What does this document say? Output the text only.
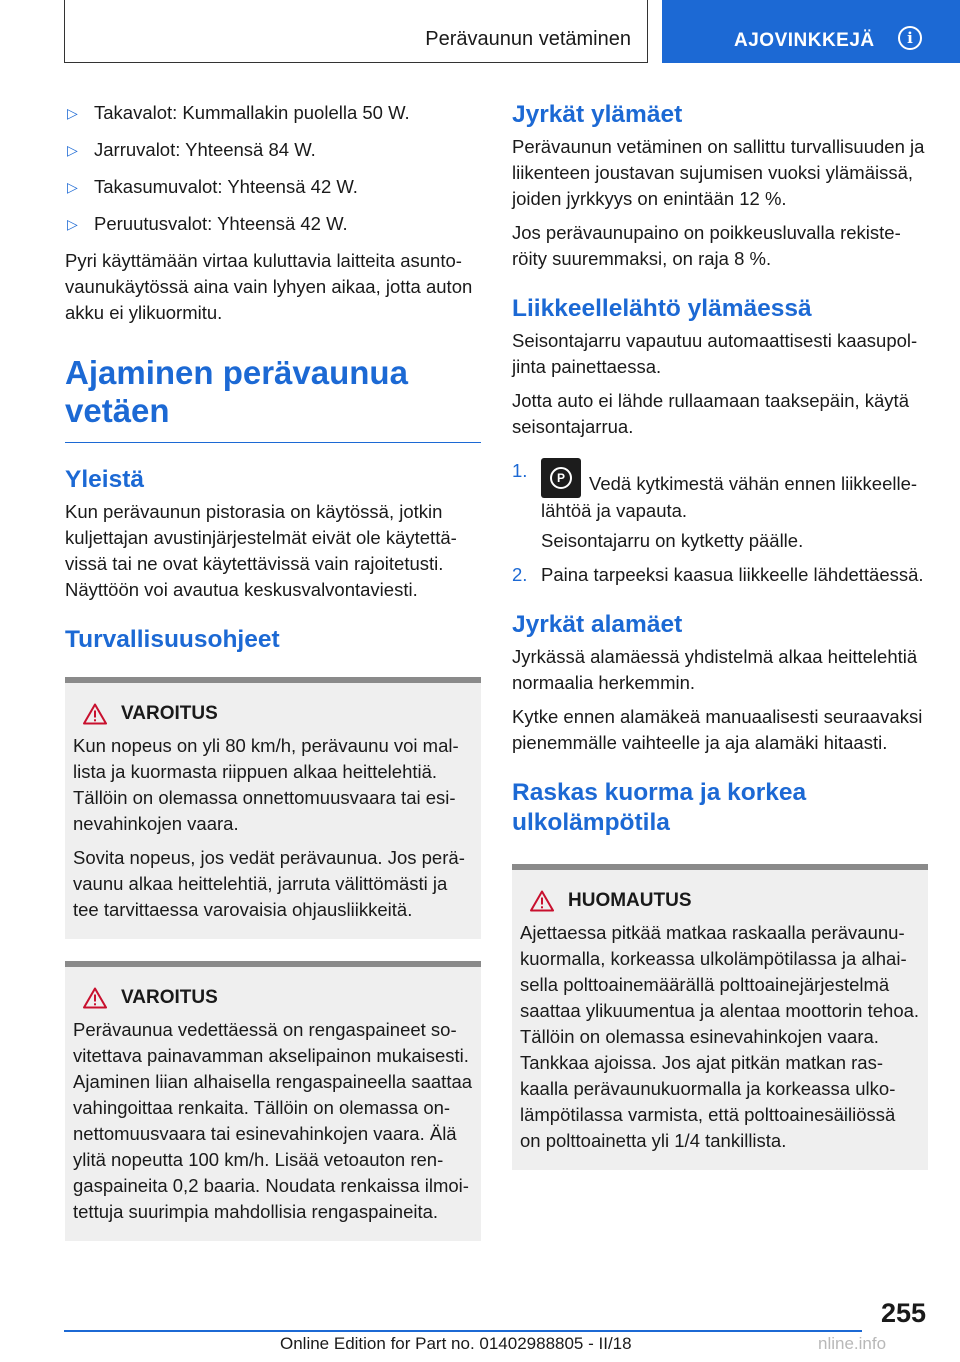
Perävaunun vetäminen	AJOVINKKEJÄ	i
▷ Takavalot: Kummallakin puolella 50 W.
▷ Jarruvalot: Yhteensä 84 W.
▷ Takasumuvalot: Yhteensä 42 W.
▷ Peruutusvalot: Yhteensä 42 W.

Pyri käyttämään virtaa kuluttavia laitteita asuntovaunukäytössä aina vain lyhyen aikaa, jotta auton akku ei ylikuormitu.

Ajaminen perävaunua vetäen
Yleistä

Kun perävaunun pistorasia on käytössä, jotkin kuljettajan avustinjärjestelmät eivät ole käytettävissä tai ne ovat käytettävissä vain rajoitetusti. Näyttöön voi avautua keskusvalvontaviesti.

Turvallisuusohjeet
VAROITUS

Kun nopeus on yli 80 km/h, perävaunu voi mallista ja kuormasta riippuen alkaa heittelehtiä. Tällöin on olemassa onnettomuusvaara tai esinevahinkojen vaara.

Sovita nopeus, jos vedät perävaunua. Jos perävaunu alkaa heittelehtiä, jarruta välittömästi ja tee tarvittaessa varovaisia ohjausliikkeitä.

VAROITUS

Perävaunua vedettäessä on rengaspaineet sovitettava painavamman akselipainon mukaisesti. Ajaminen liian alhaisella rengaspaineella saattaa vahingoittaa renkaita. Tällöin on olemassa onnettomuusvaara tai esinevahinkojen vaara. Älä ylitä nopeutta 100 km/h. Lisää vetoauton rengaspaineita 0,2 baaria. Noudata renkaissa ilmoitettuja suurimpia mahdollisia rengaspaineita.

Jyrkät ylämäet

Perävaunun vetäminen on sallittu turvallisuuden ja liikenteen joustavan sujumisen vuoksi ylämäissä, joiden jyrkkyys on enintään 12 %.

Jos perävaunupaino on poikkeusluvalla rekisteröity suuremmaksi, on raja 8 %.

Liikkeellelähtö ylämäessä

Seisontajarru vapautuu automaattisesti kaasupoljinta painettaessa.

Jotta auto ei lähde rullaamaan taaksepäin, käytä seisontajarrua.

1.	P	Vedä kytkimestä vähän ennen liikkeellelähtöä ja vapauta.
Seisontajarru on kytketty päälle.
2. Paina tarpeeksi kaasua liikkeelle lähdettäessä.
Jyrkät alamäet

Jyrkässä alamäessä yhdistelmä alkaa heittelehtiä normaalia herkemmin.

Kytke ennen alamäkeä manuaalisesti seuraavaksi pienemmälle vaihteelle ja aja alamäki hitaasti.

Raskas kuorma ja korkea ulkolämpötila
HUOMAUTUS

Ajettaessa pitkää matkaa raskaalla perävaunukuormalla, korkeassa ulkolämpötilassa ja alhaisella polttoainemäärällä polttoainejärjestelmä saattaa ylikuumentua ja alentaa moottorin tehoa. Tällöin on olemassa esinevahinkojen vaara. Tankkaa ajoissa. Jos ajat pitkän matkan raskaalla perävaunukuormalla ja korkeassa ulkolämpötilassa varmista, että polttoainesäiliössä on polttoainetta yli 1/4 tankillista.

255
Online Edition for Part no. 01402988805 - II/18	nline.info
